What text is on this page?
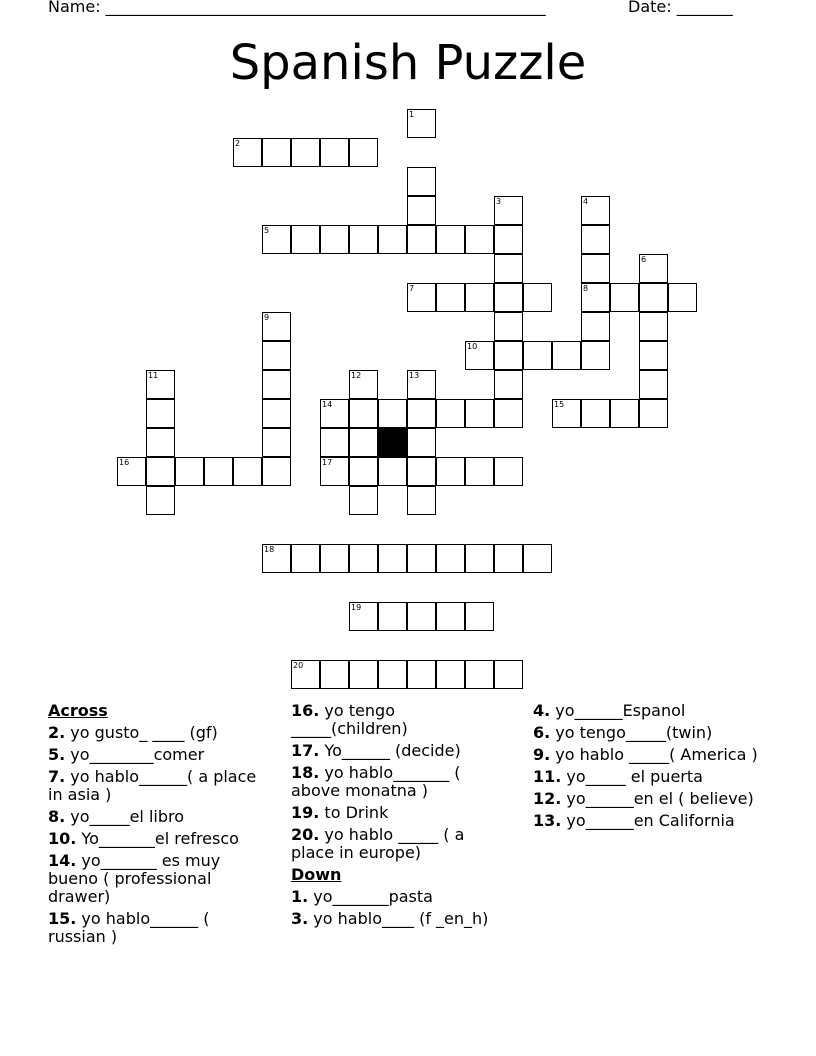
Name: _______________________________________________________	Date: _______
Spanish Puzzle
1
2
3	4
5
6
7	8
9
10
11	12	13
14	15
16	17
18
19
20
Across
2. yo gusto_ ____ (gf)
5. yo________comer
7. yo hablo______( a place in asia )
8. yo_____el libro
10. Yo_______el refresco
14. yo_______ es muy bueno ( professional drawer)
15. yo hablo______ ( russian )
16. yo tengo _____(children)
17. Yo______ (decide)
18. yo hablo_______ ( above monatna )
19. to Drink
20. yo hablo _____ ( a place in europe)
Down
1. yo_______pasta
3. yo hablo____ (f _en_h)
4. yo______Espanol
6. yo tengo_____(twin)
9. yo hablo _____( America )
11. yo_____ el puerta
12. yo______en el ( believe)
13. yo______en California
